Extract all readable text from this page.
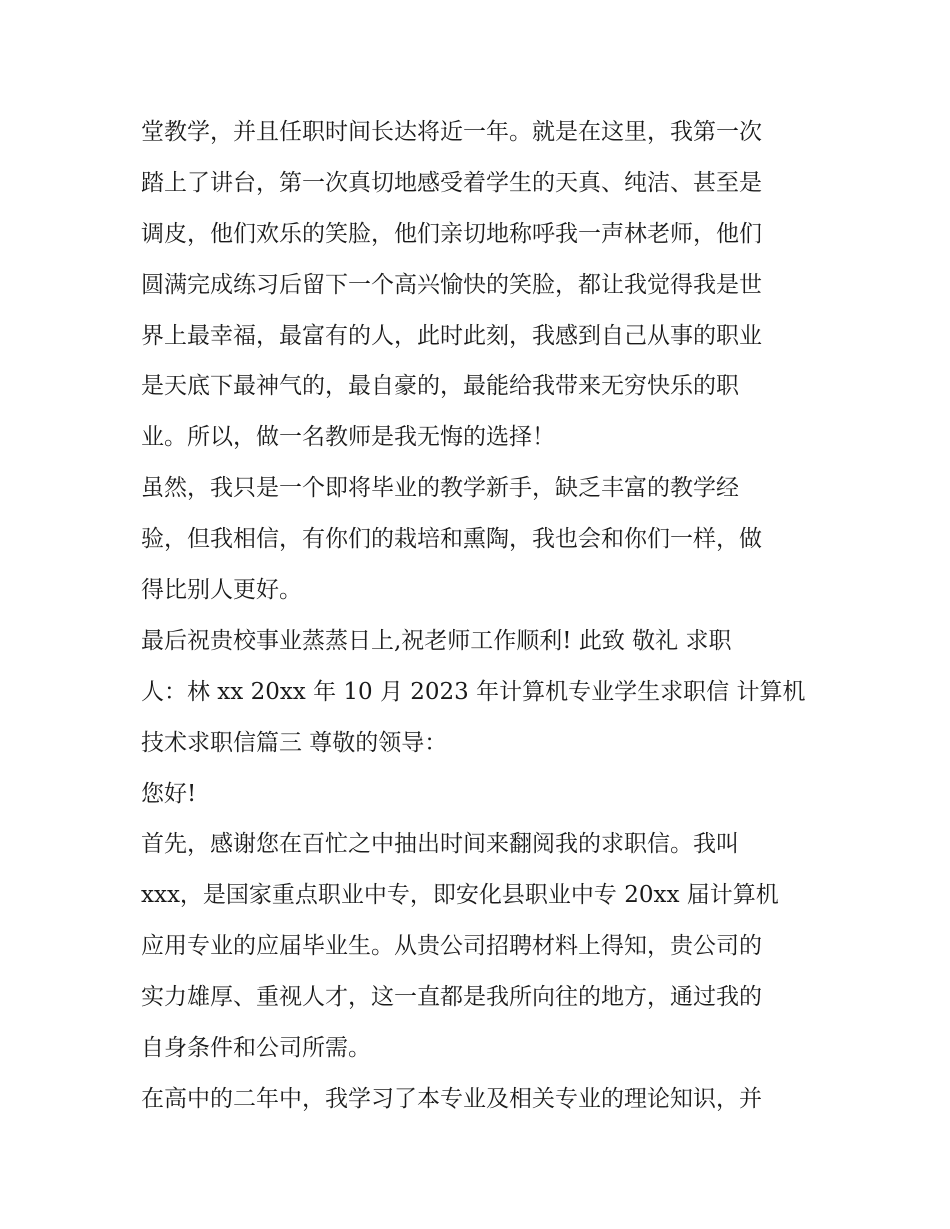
堂教学，并且任职时间长达将近一年。就是在这里，我第一次
踏上了讲台，第一次真切地感受着学生的天真、纯洁、甚至是
调皮，他们欢乐的笑脸，他们亲切地称呼我一声林老师，他们
圆满完成练习后留下一个高兴愉快的笑脸，都让我觉得我是世
界上最幸福，最富有的人，此时此刻，我感到自己从事的职业
是天底下最神气的，最自豪的，最能给我带来无穷快乐的职
业。所以，做一名教师是我无悔的选择！
虽然，我只是一个即将毕业的教学新手，缺乏丰富的教学经
验，但我相信，有你们的栽培和熏陶，我也会和你们一样，做
得比别人更好。
最后祝贵校事业蒸蒸日上,祝老师工作顺利! 此致 敬礼 求职
人：林 xx 20xx 年 10 月 2023 年计算机专业学生求职信 计算机
技术求职信篇三 尊敬的领导：
您好!
首先，感谢您在百忙之中抽出时间来翻阅我的求职信。我叫
xxx，是国家重点职业中专，即安化县职业中专 20xx 届计算机
应用专业的应届毕业生。从贵公司招聘材料上得知，贵公司的
实力雄厚、重视人才，这一直都是我所向往的地方，通过我的
自身条件和公司所需。
在高中的二年中，我学习了本专业及相关专业的理论知识，并
